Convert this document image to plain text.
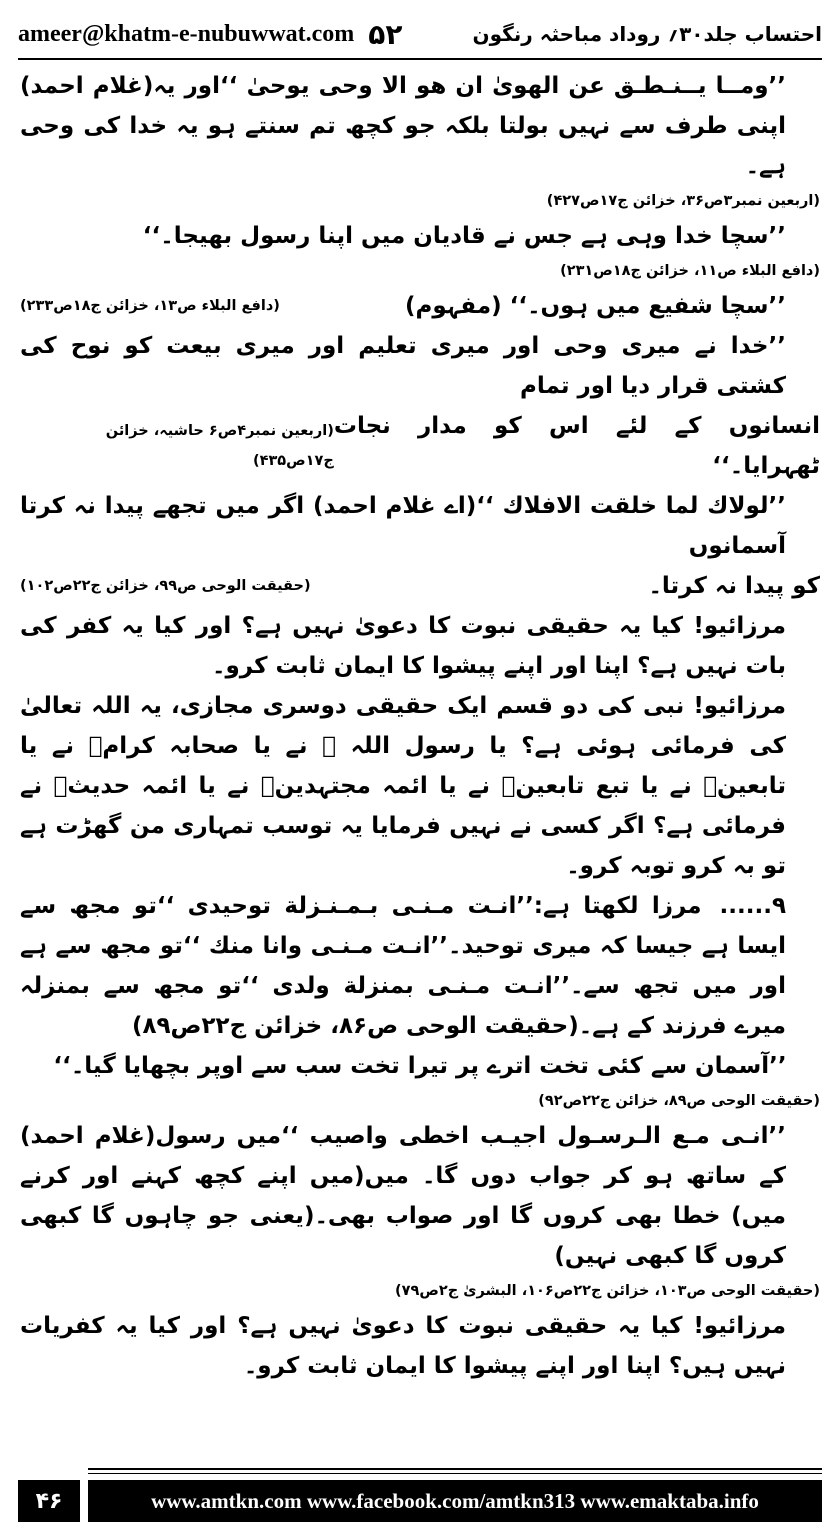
ameer@khatm-e-nubuwwat.com ۵۲	احتساب جلد۳۰؍ روداد مباحثہ رنگون

’’ومــا یــنـطـق عن الهوىٰ ان هو الا وحى يوحىٰ ‘‘اور یہ(غلام احمد) اپنی طرف سے نہیں بولتا بلکہ جو کچھ تم سنتے ہو یہ خدا کی وحی ہے۔

(اربعین نمبر۳ص۳۶، خزائن ج۱۷ص۴۲۷)

’’سچا خدا وہی ہے جس نے قادیان میں اپنا رسول بھیجا۔‘‘

(دافع البلاء ص۱۱، خزائن ج۱۸ص۲۳۱)

’’سچا شفیع میں ہوں۔‘‘ (مفہوم)

(دافع البلاء ص۱۳، خزائن ج۱۸ص۲۳۳)

’’خدا نے میری وحی اور میری تعلیم اور میری بیعت کو نوح کی کشتی قرار دیا اور تمام

انسانوں کے لئے اس کو مدار نجات ٹھہرایا۔‘‘

(اربعین نمبر۴ص۶ حاشیہ، خزائن ج۱۷ص۴۳۵)

’’لولاك لما خلقت الافلاك ‘‘(اے غلام احمد) اگر میں تجھے پیدا نہ کرتا آسمانوں

کو پیدا نہ کرتا۔

(حقیقت الوحی ص۹۹، خزائن ج۲۲ص۱۰۲)

مرزائیو! کیا یہ حقیقی نبوت کا دعویٰ نہیں ہے؟ اور کیا یہ کفر کی بات نہیں ہے؟ اپنا اور اپنے پیشوا کا ایمان ثابت کرو۔

مرزائیو! نبی کی دو قسم ایک حقیقی دوسری مجازی، یہ اللہ تعالیٰ کی فرمائی ہوئی ہے؟ یا رسول اللہ ﷺ نے یا صحابہ کرامؓ نے یا تابعینؒ نے یا تبع تابعینؒ نے یا ائمہ مجتہدینؒ نے یا ائمہ حدیثؒ نے فرمائی ہے؟ اگر کسی نے نہیں فرمایا یہ توسب تمہاری من گھڑت ہے تو بہ کرو توبہ کرو۔

۹......مرزا لکھتا ہے:’’انـت مـنـی بـمـنـزلة توحيدى ‘‘تو مجھ سے ایسا ہے جیسا کہ میری توحید۔’’انـت مـنـی وانا منك ‘‘تو مجھ سے ہے اور میں تجھ سے۔’’انـت مـنـی بمنزلة ولدى ‘‘تو مجھ سے بمنزلہ میرے فرزند کے ہے۔(حقیقت الوحی ص۸۶، خزائن ج۲۲ص۸۹)

’’آسمان سے کئی تخت اترے پر تیرا تخت سب سے اوپر بچھایا گیا۔‘‘

(حقیقت الوحی ص۸۹، خزائن ج۲۲ص۹۲)

’’انـی مـع الـرسـول اجیـب اخطى واصيب ‘‘میں رسول(غلام احمد) کے ساتھ ہو کر جواب دوں گا۔ میں(میں اپنے کچھ کہنے اور کرنے میں) خطا بھی کروں گا اور صواب بھی۔(یعنی جو چاہوں گا کبھی کروں گا کبھی نہیں)

(حقیقت الوحی ص۱۰۳، خزائن ج۲۲ص۱۰۶، البشریٰ ج۲ص۷۹)

مرزائیو! کیا یہ حقیقی نبوت کا دعویٰ نہیں ہے؟ اور کیا یہ کفریات نہیں ہیں؟ اپنا اور اپنے پیشوا کا ایمان ثابت کرو۔

۴۶	www.amtkn.com www.facebook.com/amtkn313 www.emaktaba.info
